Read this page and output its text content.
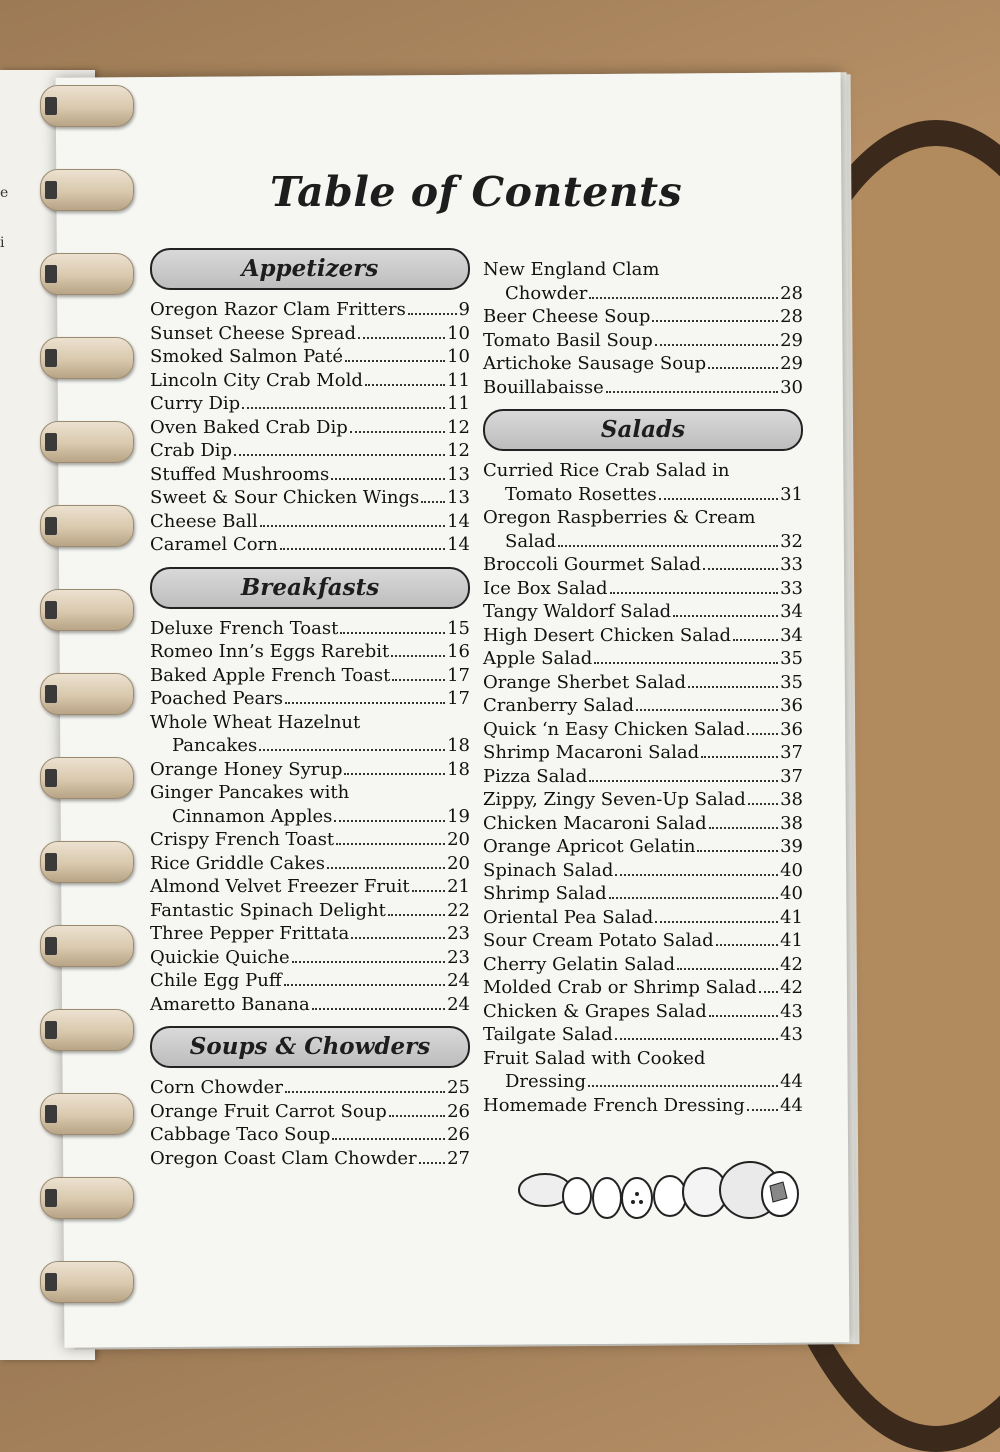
e
i
Table of Contents
Appetizers
Oregon Razor Clam Fritters	9
Sunset Cheese Spread	10
Smoked Salmon Paté	10
Lincoln City Crab Mold	11
Curry Dip	11
Oven Baked Crab Dip	12
Crab Dip	12
Stuffed Mushrooms	13
Sweet & Sour Chicken Wings 13
Cheese Ball	14
Caramel Corn	14
Breakfasts
Deluxe French Toast	15
Romeo Inn’s Eggs Rarebit	16
Baked Apple French Toast	17
Poached Pears	17
Whole Wheat Hazelnut
Pancakes	18
Orange Honey Syrup	18
Ginger Pancakes with
Cinnamon Apples	19
Crispy French Toast	20
Rice Griddle Cakes	20
Almond Velvet Freezer Fruit 21
Fantastic Spinach Delight	22
Three Pepper Frittata	23
Quickie Quiche	23
Chile Egg Puff	24
Amaretto Banana	24
Soups & Chowders
Corn Chowder	25
Orange Fruit Carrot Soup	26
Cabbage Taco Soup	26
Oregon Coast Clam Chowder 27
New England Clam
Chowder	28
Beer Cheese Soup	28
Tomato Basil Soup	29
Artichoke Sausage Soup	29
Bouillabaisse	30
Salads
Curried Rice Crab Salad in
Tomato Rosettes	31
Oregon Raspberries & Cream
Salad	32
Broccoli Gourmet Salad	33
Ice Box Salad	33
Tangy Waldorf Salad	34
High Desert Chicken Salad	34
Apple Salad	35
Orange Sherbet Salad	35
Cranberry Salad	36
Quick ‘n Easy Chicken Salad 36
Shrimp Macaroni Salad	37
Pizza Salad	37
Zippy, Zingy Seven-Up Salad 38
Chicken Macaroni Salad	38
Orange Apricot Gelatin	39
Spinach Salad	40
Shrimp Salad	40
Oriental Pea Salad	41
Sour Cream Potato Salad	41
Cherry Gelatin Salad	42
Molded Crab or Shrimp Salad 42
Chicken & Grapes Salad	43
Tailgate Salad	43
Fruit Salad with Cooked
Dressing	44
Homemade French Dressing 44
